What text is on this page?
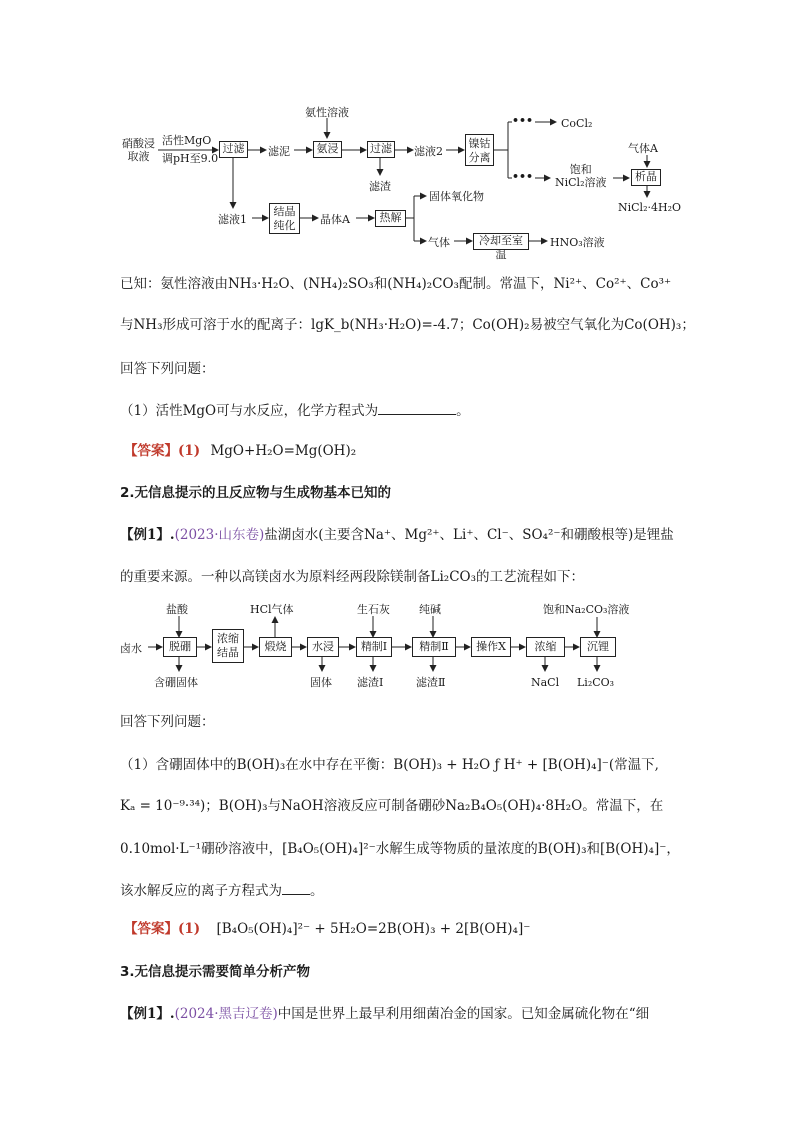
硝酸浸
取液
活性MgO
调pH至9.0
过滤	滤泥
氨性溶液
氨浸	过滤
滤渣
滤液2
镍钴
分离
•••	CoCl₂
•••
饱和
NiCl₂溶液
气体A
析晶
NiCl₂·4H₂O
滤液1
结晶
纯化	晶体A	热解
固体氧化物
气体	冷却至室温
HNO₃溶液
已知：氨性溶液由NH₃·H₂O、(NH₄)₂SO₃和(NH₄)₂CO₃配制。常温下，Ni²⁺、Co²⁺、Co³⁺
与NH₃形成可溶于水的配离子：lgK_b(NH₃·H₂O)=-4.7；Co(OH)₂易被空气氧化为Co(OH)₃；
回答下列问题：
（1）活性MgO可与水反应，化学方程式为	。
【答案】(1) MgO+H₂O=Mg(OH)₂
2.无信息提示的且反应物与生成物基本已知的
【例1】.(2023·山东卷)盐湖卤水(主要含Na⁺、Mg²⁺、Li⁺、Cl⁻、SO₄²⁻和硼酸根等)是锂盐
的重要来源。一种以高镁卤水为原料经两段除镁制备Li₂CO₃的工艺流程如下：
盐酸
卤水	脱硼
浓缩
结晶
HCl气体
煅烧	水浸
生石灰
精制Ⅰ
纯碱
精制Ⅱ	操作X	浓缩
饱和Na₂CO₃溶液
沉锂
含硼固体	固体 滤渣Ⅰ	滤渣Ⅱ	NaCl Li₂CO₃
回答下列问题：
（1）含硼固体中的B(OH)₃在水中存在平衡：B(OH)₃ + H₂O ƒ H⁺ + [B(OH)₄]⁻(常温下,
Kₐ = 10⁻⁹·³⁴)；B(OH)₃与NaOH溶液反应可制备硼砂Na₂B₄O₅(OH)₄·8H₂O。常温下，在
0.10mol·L⁻¹硼砂溶液中，[B₄O₅(OH)₄]²⁻水解生成等物质的量浓度的B(OH)₃和[B(OH)₄]⁻，
该水解反应的离子方程式为 。
【答案】(1) [B₄O₅(OH)₄]²⁻ + 5H₂O=2B(OH)₃ + 2[B(OH)₄]⁻
3.无信息提示需要简单分析产物
【例1】.(2024·黑吉辽卷)中国是世界上最早利用细菌冶金的国家。已知金属硫化物在“细
